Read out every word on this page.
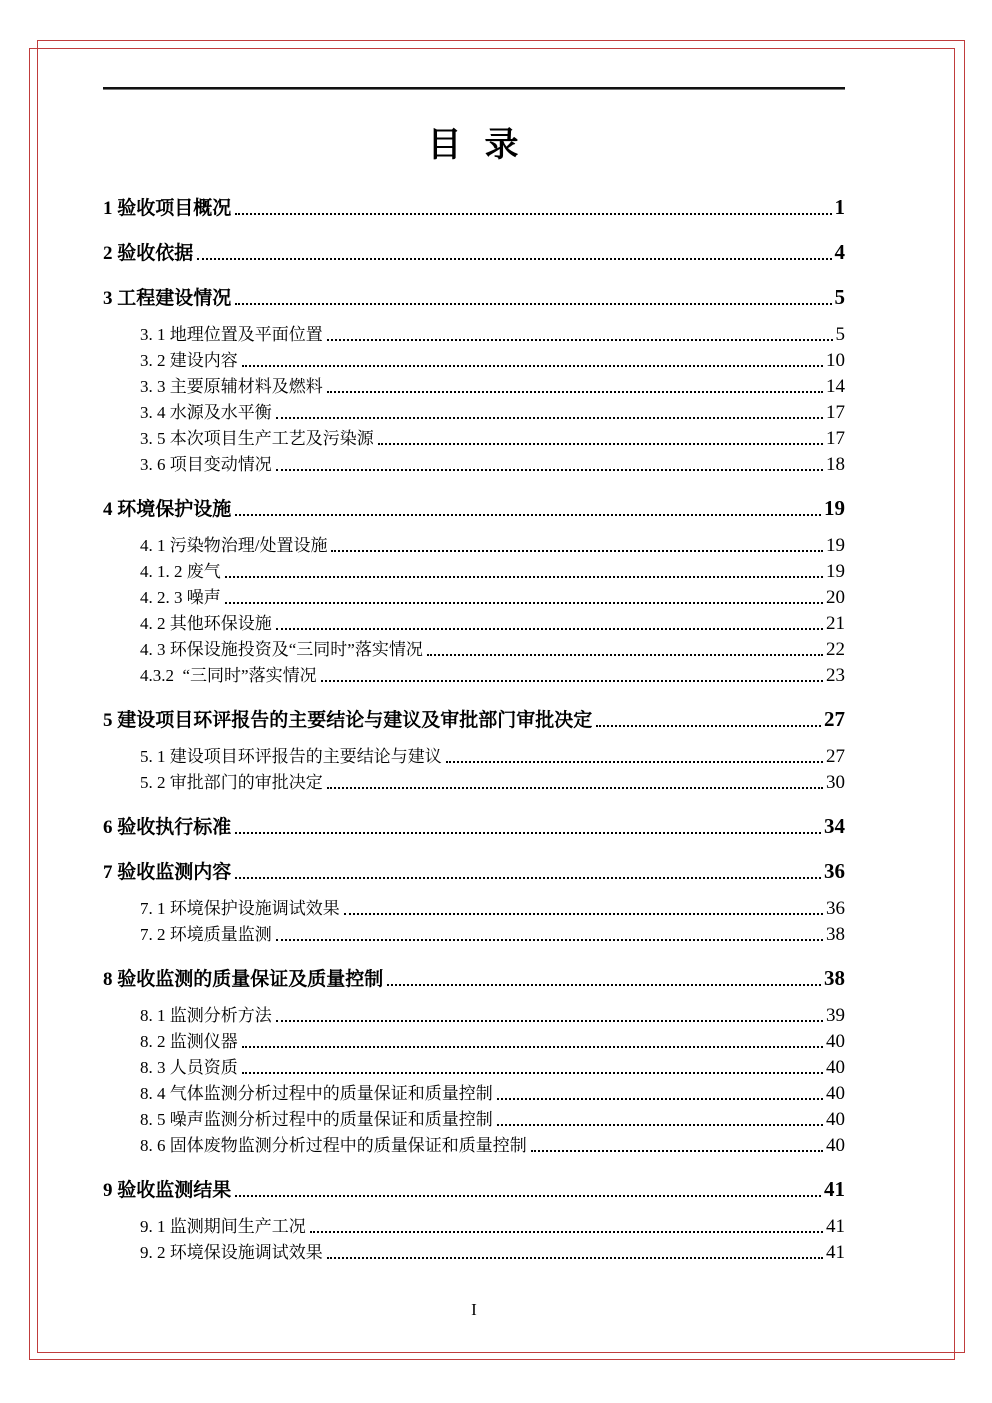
目  录
1 验收项目概况	1
2 验收依据	4
3 工程建设情况	5
3. 1 地理位置及平面位置	5
3. 2 建设内容	10
3. 3 主要原辅材料及燃料	14
3. 4 水源及水平衡	17
3. 5 本次项目生产工艺及污染源	17
3. 6 项目变动情况	18
4 环境保护设施	19
4. 1 污染物治理/处置设施	19
4. 1. 2 废气	19
4. 2. 3 噪声	20
4. 2 其他环保设施	21
4. 3 环保设施投资及“三同时”落实情况	22
4.3.2  “三同时”落实情况	23
5 建设项目环评报告的主要结论与建议及审批部门审批决定	27
5. 1 建设项目环评报告的主要结论与建议	27
5. 2 审批部门的审批决定	30
6 验收执行标准	34
7 验收监测内容	36
7. 1 环境保护设施调试效果	36
7. 2 环境质量监测	38
8 验收监测的质量保证及质量控制	38
8. 1 监测分析方法	39
8. 2 监测仪器	40
8. 3 人员资质	40
8. 4 气体监测分析过程中的质量保证和质量控制	40
8. 5 噪声监测分析过程中的质量保证和质量控制	40
8. 6 固体废物监测分析过程中的质量保证和质量控制	40
9 验收监测结果	41
9. 1 监测期间生产工况	41
9. 2 环境保设施调试效果	41
I
